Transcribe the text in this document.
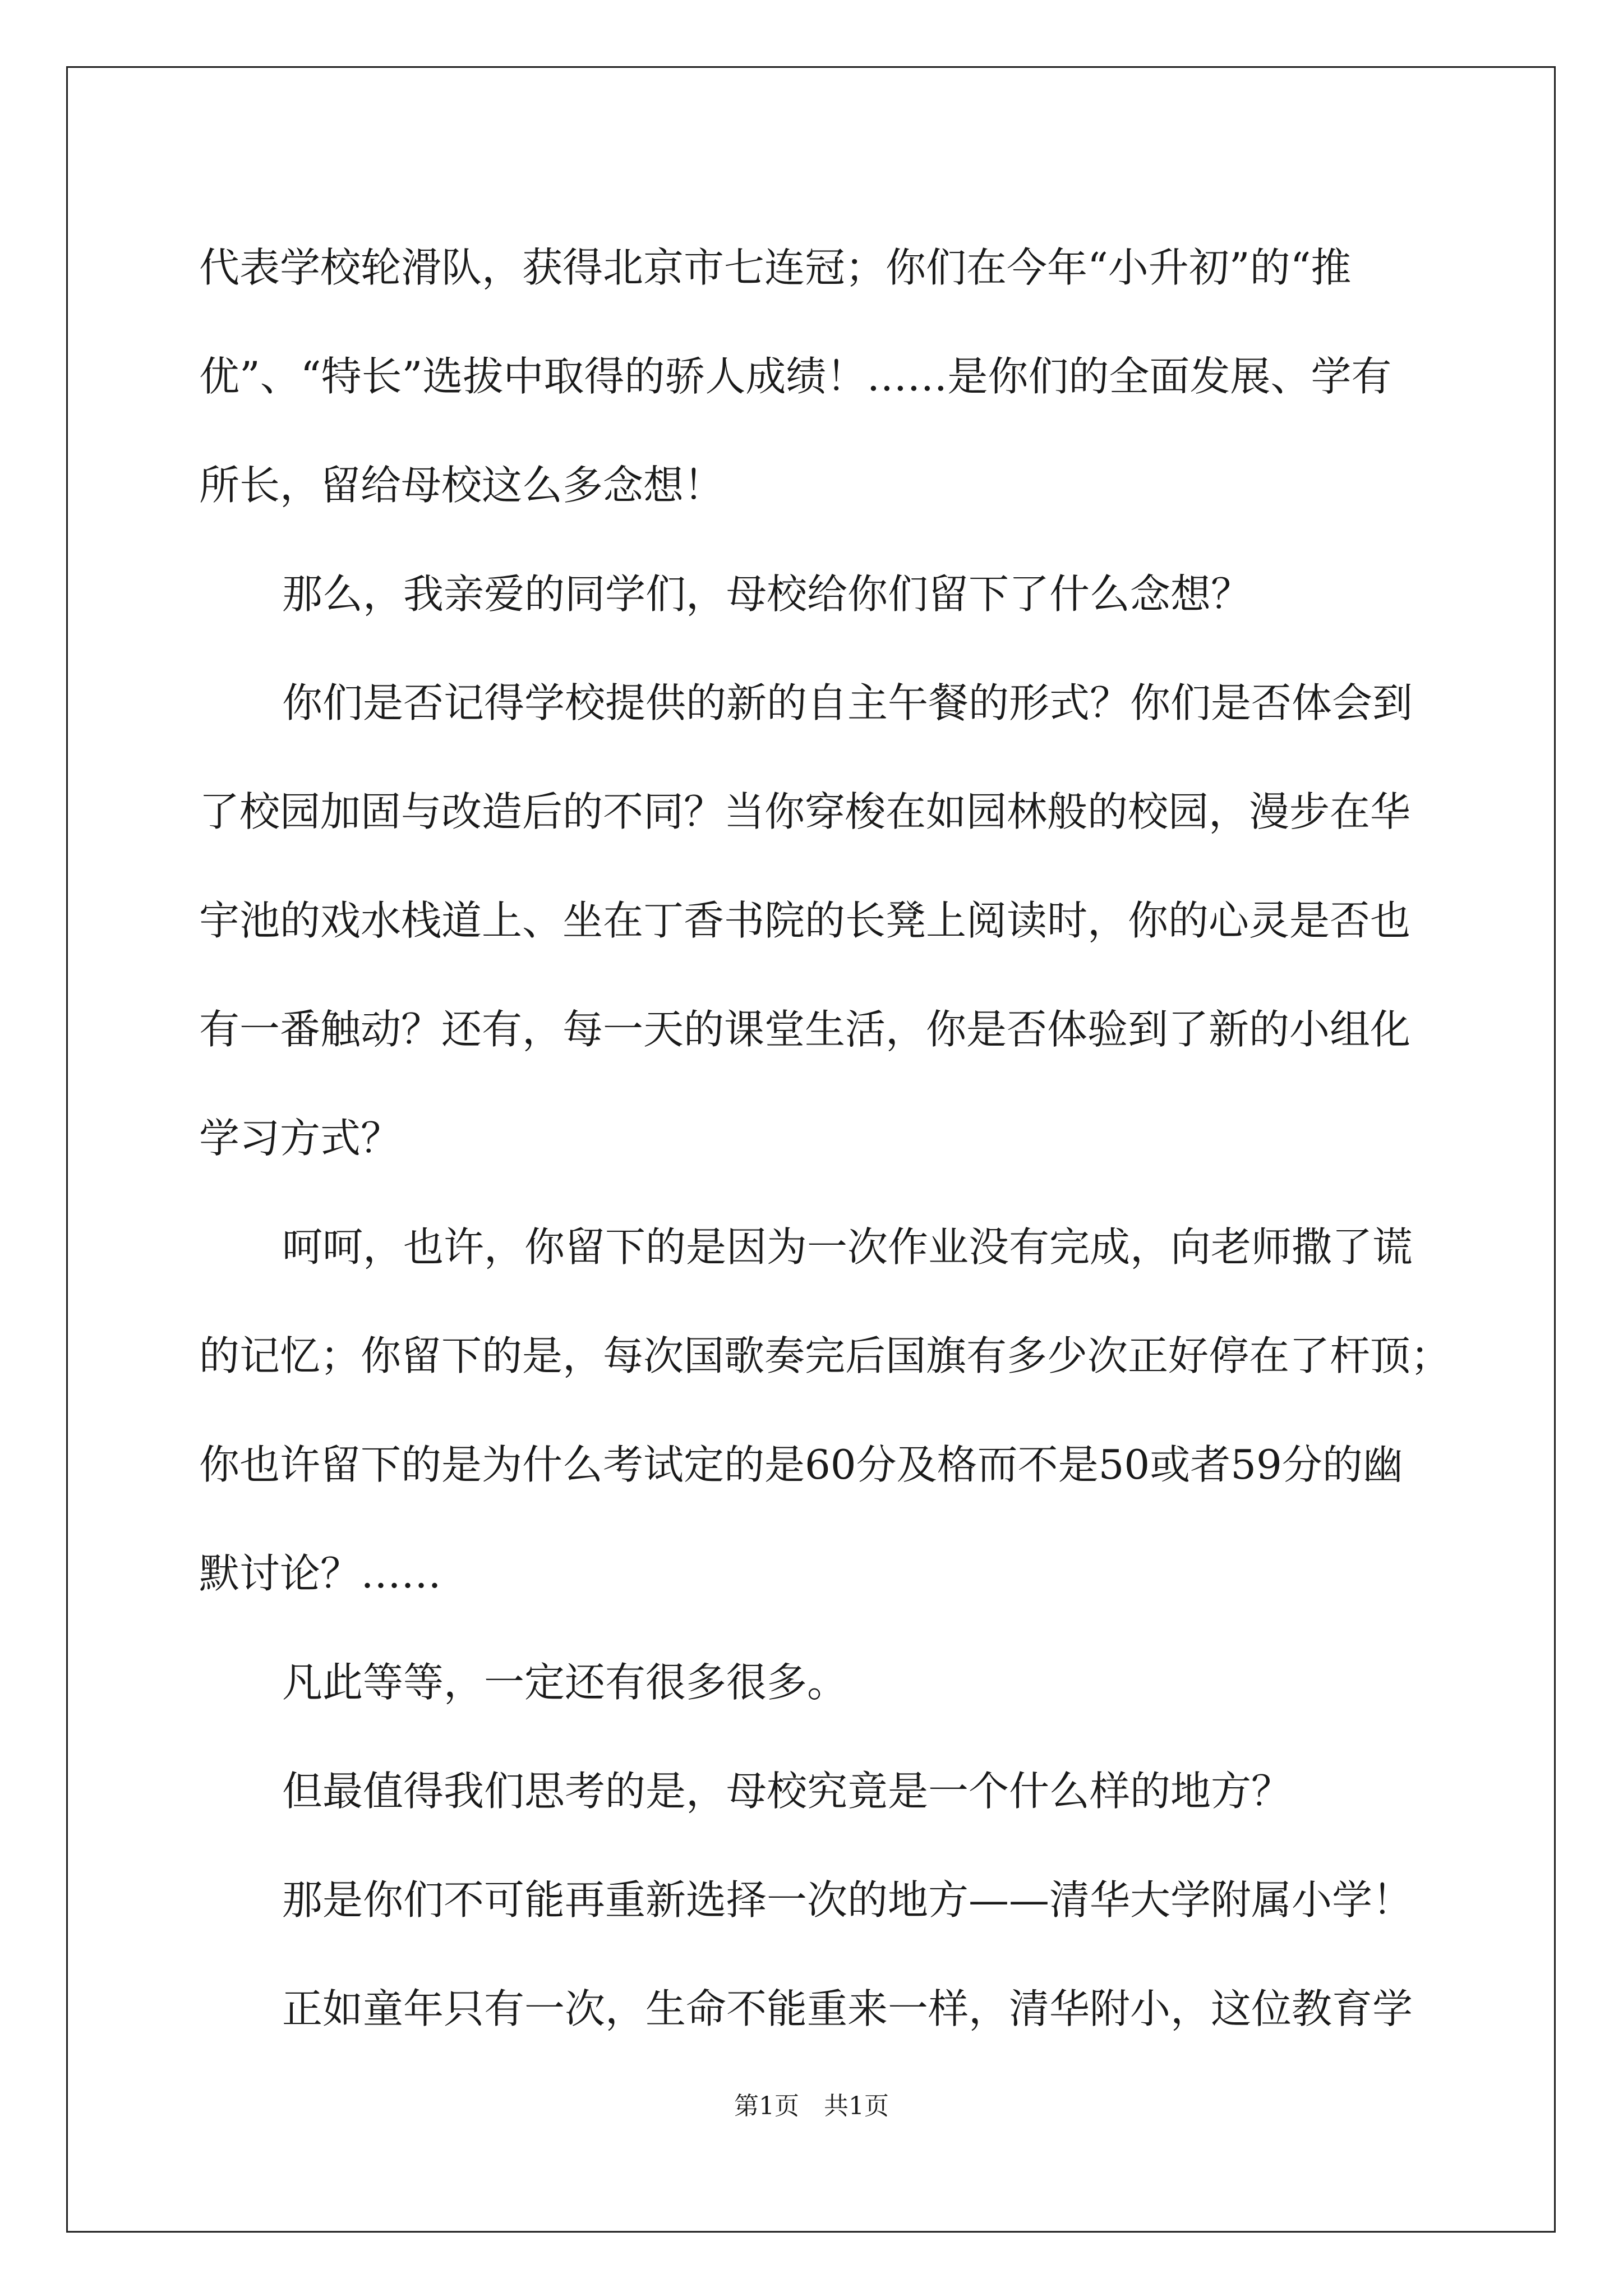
代表学校轮滑队，获得北京市七连冠；你们在今年“小升初”的“推
优”、“特长”选拔中取得的骄人成绩！……是你们的全面发展、学有
所长，留给母校这么多念想！
那么，我亲爱的同学们，母校给你们留下了什么念想？
你们是否记得学校提供的新的自主午餐的形式？你们是否体会到
了校园加固与改造后的不同？当你穿梭在如园林般的校园，漫步在华
宇池的戏水栈道上、坐在丁香书院的长凳上阅读时，你的心灵是否也
有一番触动？还有，每一天的课堂生活，你是否体验到了新的小组化
学习方式？
呵呵，也许，你留下的是因为一次作业没有完成，向老师撒了谎
的记忆；你留下的是，每次国歌奏完后国旗有多少次正好停在了杆顶；
你也许留下的是为什么考试定的是60分及格而不是50或者59分的幽
默讨论？……
凡此等等，一定还有很多很多。
但最值得我们思考的是，母校究竟是一个什么样的地方？
那是你们不可能再重新选择一次的地方——清华大学附属小学！
正如童年只有一次，生命不能重来一样，清华附小，这位教育学
第1页　共1页
